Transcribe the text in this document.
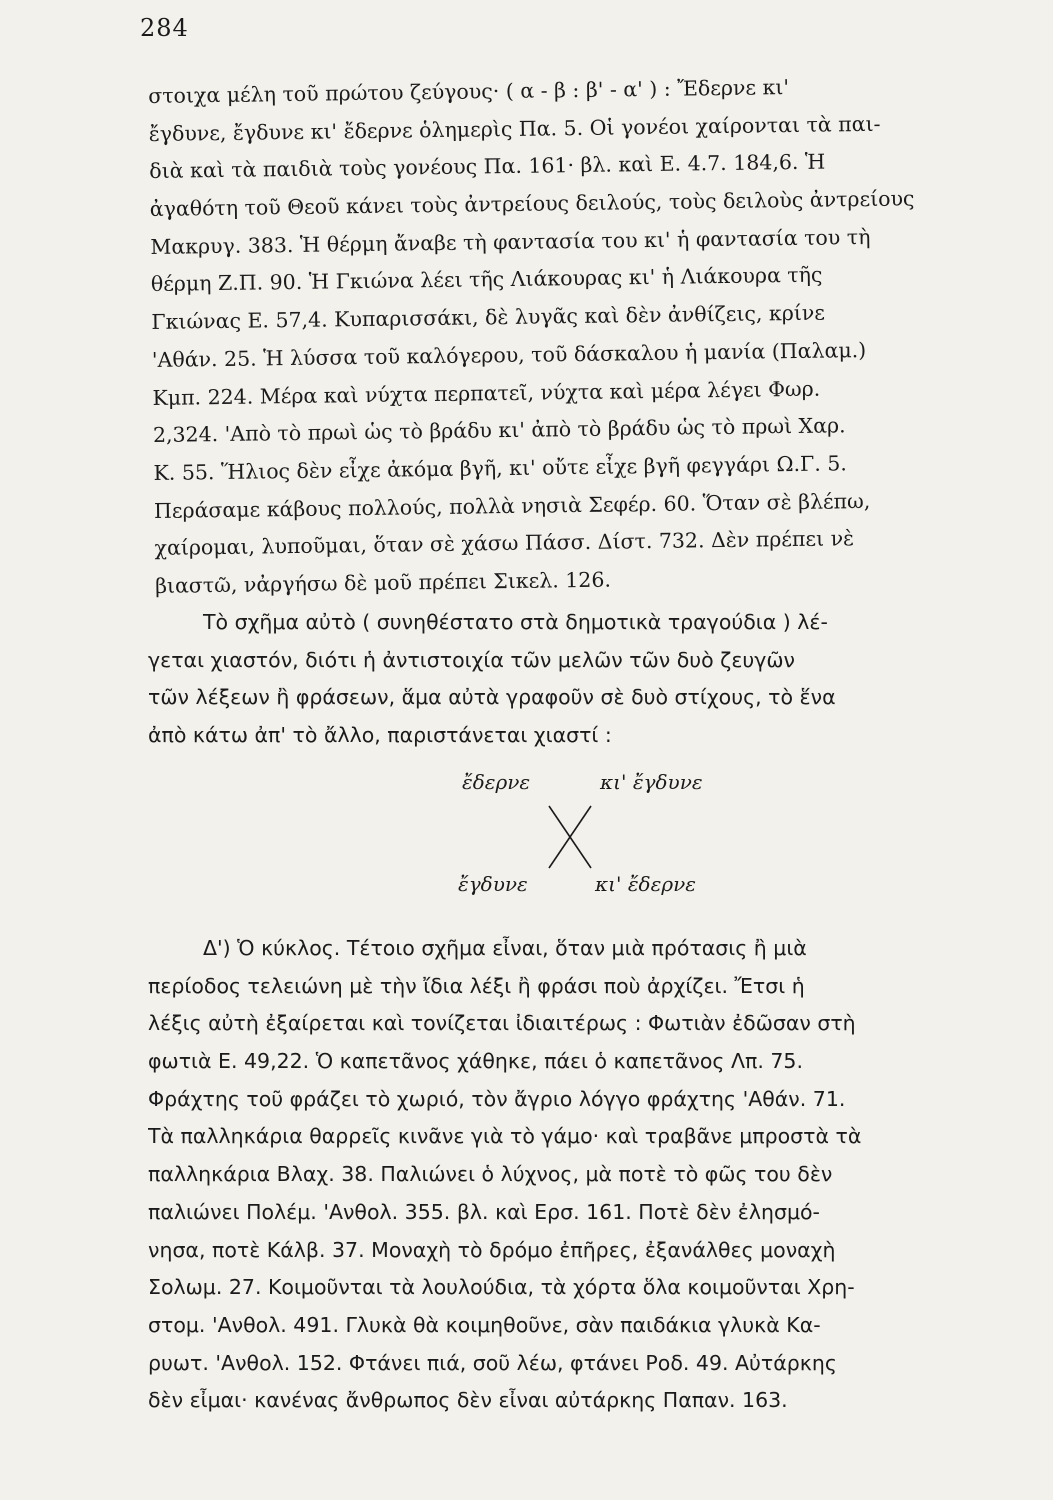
284
στοιχα μέλη τοῦ πρώτου ζεύγους· ( α - β : β' - α' ) : Ἔδερνε κι'
ἔγδυνε, ἔγδυνε κι' ἔδερνε ὁλημερὶς Πα. 5. Οἱ γονέοι χαίρονται τὰ παι-
διὰ καὶ τὰ παιδιὰ τοὺς γονέους Πα. 161· βλ. καὶ Ε. 4.7. 184,6. Ἡ
ἀγαθότη τοῦ Θεοῦ κάνει τοὺς ἀντρείους δειλούς, τοὺς δειλοὺς ἀντρείους
Μακρυγ. 383. Ἡ θέρμη ἄναβε τὴ φαντασία του κι' ἡ φαντασία του τὴ
θέρμη Ζ.Π. 90. Ἡ Γκιώνα λέει τῆς Λιάκουρας κι' ἡ Λιάκουρα τῆς
Γκιώνας Ε. 57,4. Κυπαρισσάκι, δὲ λυγᾶς καὶ δὲν ἀνθίζεις, κρίνε
'Αθάν. 25. Ἡ λύσσα τοῦ καλόγερου, τοῦ δάσκαλου ἡ μανία (Παλαμ.)
Κμπ. 224. Μέρα καὶ νύχτα περπατεῖ, νύχτα καὶ μέρα λέγει Φωρ.
2,324. 'Απὸ τὸ πρωὶ ὡς τὸ βράδυ κι' ἀπὸ τὸ βράδυ ὡς τὸ πρωὶ Χαρ.
Κ. 55. Ἥλιος δὲν εἶχε ἀκόμα βγῆ, κι' οὔτε εἶχε βγῆ φεγγάρι Ω.Γ. 5.
Περάσαμε κάβους πολλούς, πολλὰ νησιὰ Σεφέρ. 60. Ὅταν σὲ βλέπω,
χαίρομαι, λυποῦμαι, ὅταν σὲ χάσω Πάσσ. Δίστ. 732. Δὲν πρέπει νὲ
βιαστῶ, νἀργήσω δὲ μοῦ πρέπει Σικελ. 126.
Τὸ σχῆμα αὐτὸ ( συνηθέστατο στὰ δημοτικὰ τραγούδια ) λέ-
γεται χιαστόν, διότι ἡ ἀντιστοιχία τῶν μελῶν τῶν δυὸ ζευγῶν
τῶν λέξεων ἢ φράσεων, ἅμα αὐτὰ γραφοῦν σὲ δυὸ στίχους, τὸ ἕνα
ἀπὸ κάτω ἀπ' τὸ ἄλλο, παριστάνεται χιαστί :
ἔδερνε	κι' ἔγδυνε
ἔγδυνε	κι' ἔδερνε
Δ') Ὁ κύκλος. Τέτοιο σχῆμα εἶναι, ὅταν μιὰ πρότασις ἢ μιὰ
περίοδος τελειώνη μὲ τὴν ἴδια λέξι ἢ φράσι ποὺ ἀρχίζει. Ἔτσι ἡ
λέξις αὐτὴ ἐξαίρεται καὶ τονίζεται ἰδιαιτέρως : Φωτιὰν ἐδῶσαν στὴ
φωτιὰ Ε. 49,22. Ὁ καπετᾶνος χάθηκε, πάει ὁ καπετᾶνος Λπ. 75.
Φράχτης τοῦ φράζει τὸ χωριό, τὸν ἄγριο λόγγο φράχτης 'Αθάν. 71.
Τὰ παλληκάρια θαρρεῖς κινᾶνε γιὰ τὸ γάμο· καὶ τραβᾶνε μπροστὰ τὰ
παλληκάρια Βλαχ. 38. Παλιώνει ὁ λύχνος, μὰ ποτὲ τὸ φῶς του δὲν
παλιώνει Πολέμ. 'Ανθολ. 355. βλ. καὶ Ερσ. 161. Ποτὲ δὲν ἐλησμό-
νησα, ποτὲ Κάλβ. 37. Μοναχὴ τὸ δρόμο ἐπῆρες, ἐξανάλθες μοναχὴ
Σολωμ. 27. Κοιμοῦνται τὰ λουλούδια, τὰ χόρτα ὅλα κοιμοῦνται Χρη-
στομ. 'Ανθολ. 491. Γλυκὰ θὰ κοιμηθοῦνε, σὰν παιδάκια γλυκὰ Κα-
ρυωτ. 'Ανθολ. 152. Φτάνει πιά, σοῦ λέω, φτάνει Ροδ. 49. Αὐτάρκης
δὲν εἶμαι· κανένας ἄνθρωπος δὲν εἶναι αὐτάρκης Παπαν. 163.
